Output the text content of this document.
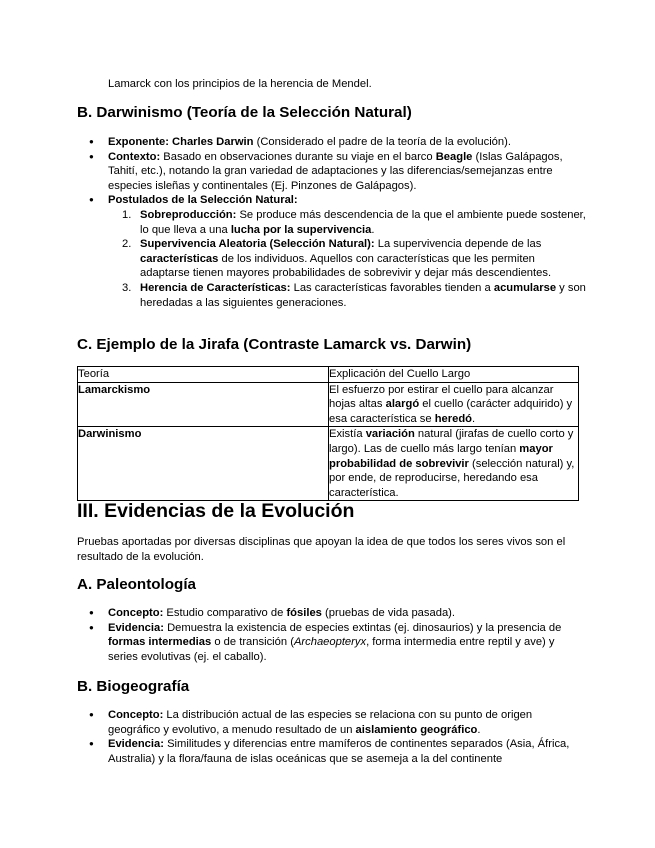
Lamarck con los principios de la herencia de Mendel.

B. Darwinismo (Teoría de la Selección Natural)
● Exponente: Charles Darwin (Considerado el padre de la teoría de la evolución).
● Contexto: Basado en observaciones durante su viaje en el barco Beagle (Islas Galápagos, Tahití, etc.), notando la gran variedad de adaptaciones y las diferencias/semejanzas entre especies isleñas y continentales (Ej. Pinzones de Galápagos).
● Postulados de la Selección Natural:
1. Sobreproducción: Se produce más descendencia de la que el ambiente puede sostener, lo que lleva a una lucha por la supervivencia.
2. Supervivencia Aleatoria (Selección Natural): La supervivencia depende de las características de los individuos. Aquellos con características que les permiten adaptarse tienen mayores probabilidades de sobrevivir y dejar más descendientes.
3. Herencia de Características: Las características favorables tienden a acumularse y son heredadas a las siguientes generaciones.
C. Ejemplo de la Jirafa (Contraste Lamarck vs. Darwin)
Teoría	Explicación del Cuello Largo
Lamarckismo	El esfuerzo por estirar el cuello para alcanzar hojas altas alargó el cuello (carácter adquirido) y esa característica se heredó.
Darwinismo	Existía variación natural (jirafas de cuello corto y largo). Las de cuello más largo tenían mayor probabilidad de sobrevivir (selección natural) y, por ende, de reproducirse, heredando esa característica.
III. Evidencias de la Evolución

Pruebas aportadas por diversas disciplinas que apoyan la idea de que todos los seres vivos son el resultado de la evolución.

A. Paleontología
● Concepto: Estudio comparativo de fósiles (pruebas de vida pasada).
● Evidencia: Demuestra la existencia de especies extintas (ej. dinosaurios) y la presencia de formas intermedias o de transición (Archaeopteryx, forma intermedia entre reptil y ave) y series evolutivas (ej. el caballo).
B. Biogeografía
● Concepto: La distribución actual de las especies se relaciona con su punto de origen geográfico y evolutivo, a menudo resultado de un aislamiento geográfico.
● Evidencia: Similitudes y diferencias entre mamíferos de continentes separados (Asia, África, Australia) y la flora/fauna de islas oceánicas que se asemeja a la del continente
